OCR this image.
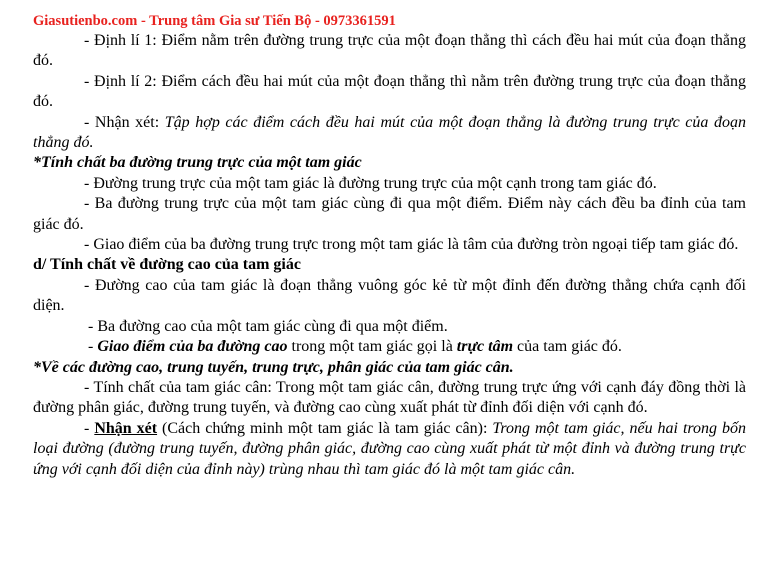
Giasutienbo.com - Trung tâm Gia sư Tiến Bộ - 0973361591

- Định lí 1: Điểm nằm trên đường trung trực của một đoạn thẳng thì cách đều hai mút của đoạn thẳng đó.

- Định lí 2: Điểm cách đều hai mút của một đoạn thẳng thì nằm trên đường trung trực của đoạn thẳng đó.

- Nhận xét: Tập hợp các điểm cách đều hai mút của một đoạn thẳng là đường trung trực của đoạn thẳng đó.

*Tính chất ba đường trung trực của một tam giác

- Đường trung trực của một tam giác là đường trung trực của một cạnh trong tam giác đó.

- Ba đường trung trực của một tam giác cùng đi qua một điểm. Điểm này cách đều ba đỉnh của tam giác đó.

- Giao điểm của ba đường trung trực trong một tam giác là tâm của đường tròn ngoại tiếp tam giác đó.

d/ Tính chất về đường cao của tam giác

- Đường cao của tam giác là đoạn thẳng vuông góc kẻ từ một đỉnh đến đường thẳng chứa cạnh đối diện.

- Ba đường cao của một tam giác cùng đi qua một điểm.

- Giao điểm của ba đường cao trong một tam giác gọi là trực tâm của tam giác đó.

*Về các đường cao, trung tuyến, trung trực, phân giác của tam giác cân.

- Tính chất của tam giác cân: Trong một tam giác cân, đường trung trực ứng với cạnh đáy đồng thời là đường phân giác, đường trung tuyến, và đường cao cùng xuất phát từ đỉnh đối diện với cạnh đó.

- Nhận xét (Cách chứng minh một tam giác là tam giác cân): Trong một tam giác, nếu hai trong bốn loại đường (đường trung tuyến, đường phân giác, đường cao cùng xuất phát từ một đỉnh và đường trung trực ứng với cạnh đối diện của đỉnh này) trùng nhau thì tam giác đó là một tam giác cân.
